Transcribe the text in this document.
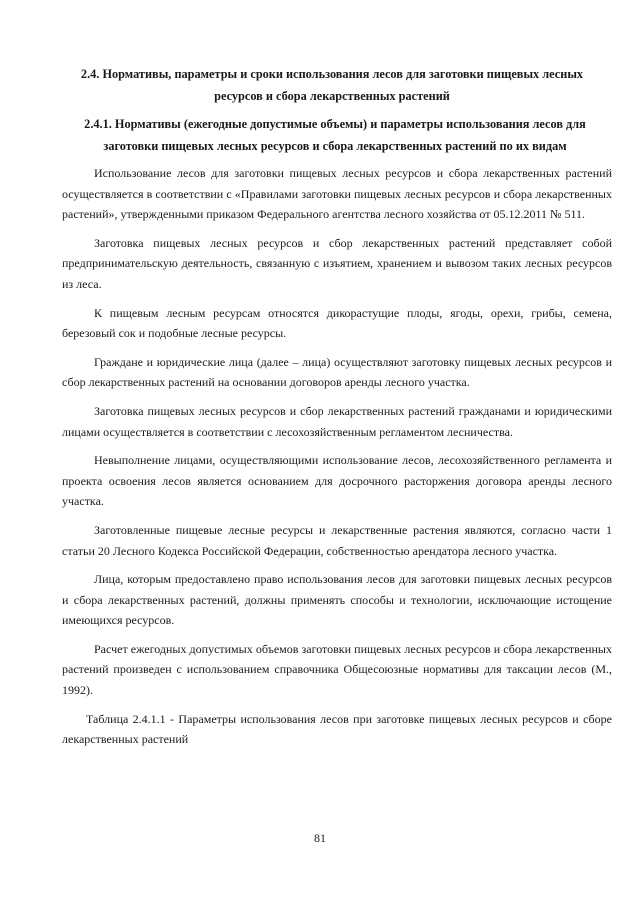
2.4. Нормативы, параметры и сроки использования лесов для заготовки пищевых лесных ресурсов и сбора лекарственных растений
2.4.1. Нормативы (ежегодные допустимые объемы) и параметры использования лесов для заготовки пищевых лесных ресурсов и сбора лекарственных растений по их видам

Использование лесов для заготовки пищевых лесных ресурсов и сбора лекарственных растений осуществляется в соответствии с «Правилами заготовки пищевых лесных ресурсов и сбора лекарственных растений», утвержденными приказом Федерального агентства лесного хозяйства от 05.12.2011 № 511.

Заготовка пищевых лесных ресурсов и сбор лекарственных растений представляет собой предпринимательскую деятельность, связанную с изъятием, хранением и вывозом таких лесных ресурсов из леса.

К пищевым лесным ресурсам относятся дикорастущие плоды, ягоды, орехи, грибы, семена, березовый сок и подобные лесные ресурсы.

Граждане и юридические лица (далее – лица) осуществляют заготовку пищевых лесных ресурсов и сбор лекарственных растений на основании договоров аренды лесного участка.

Заготовка пищевых лесных ресурсов и сбор лекарственных растений гражданами и юридическими лицами осуществляется в соответствии с лесохозяйственным регламентом лесничества.

Невыполнение лицами, осуществляющими использование лесов, лесохозяйственного регламента и проекта освоения лесов является основанием для досрочного расторжения договора аренды лесного участка.

Заготовленные пищевые лесные ресурсы и лекарственные растения являются, согласно части 1 статьи 20 Лесного Кодекса Российской Федерации, собственностью арендатора лесного участка.

Лица, которым предоставлено право использования лесов для заготовки пищевых лесных ресурсов и сбора лекарственных растений, должны применять способы и технологии, исключающие истощение имеющихся ресурсов.

Расчет ежегодных допустимых объемов заготовки пищевых лесных ресурсов и сбора лекарственных растений произведен с использованием справочника Общесоюзные нормативы для таксации лесов (М., 1992).

Таблица 2.4.1.1 - Параметры использования лесов при заготовке пищевых лесных ресурсов и сборе лекарственных растений

81
